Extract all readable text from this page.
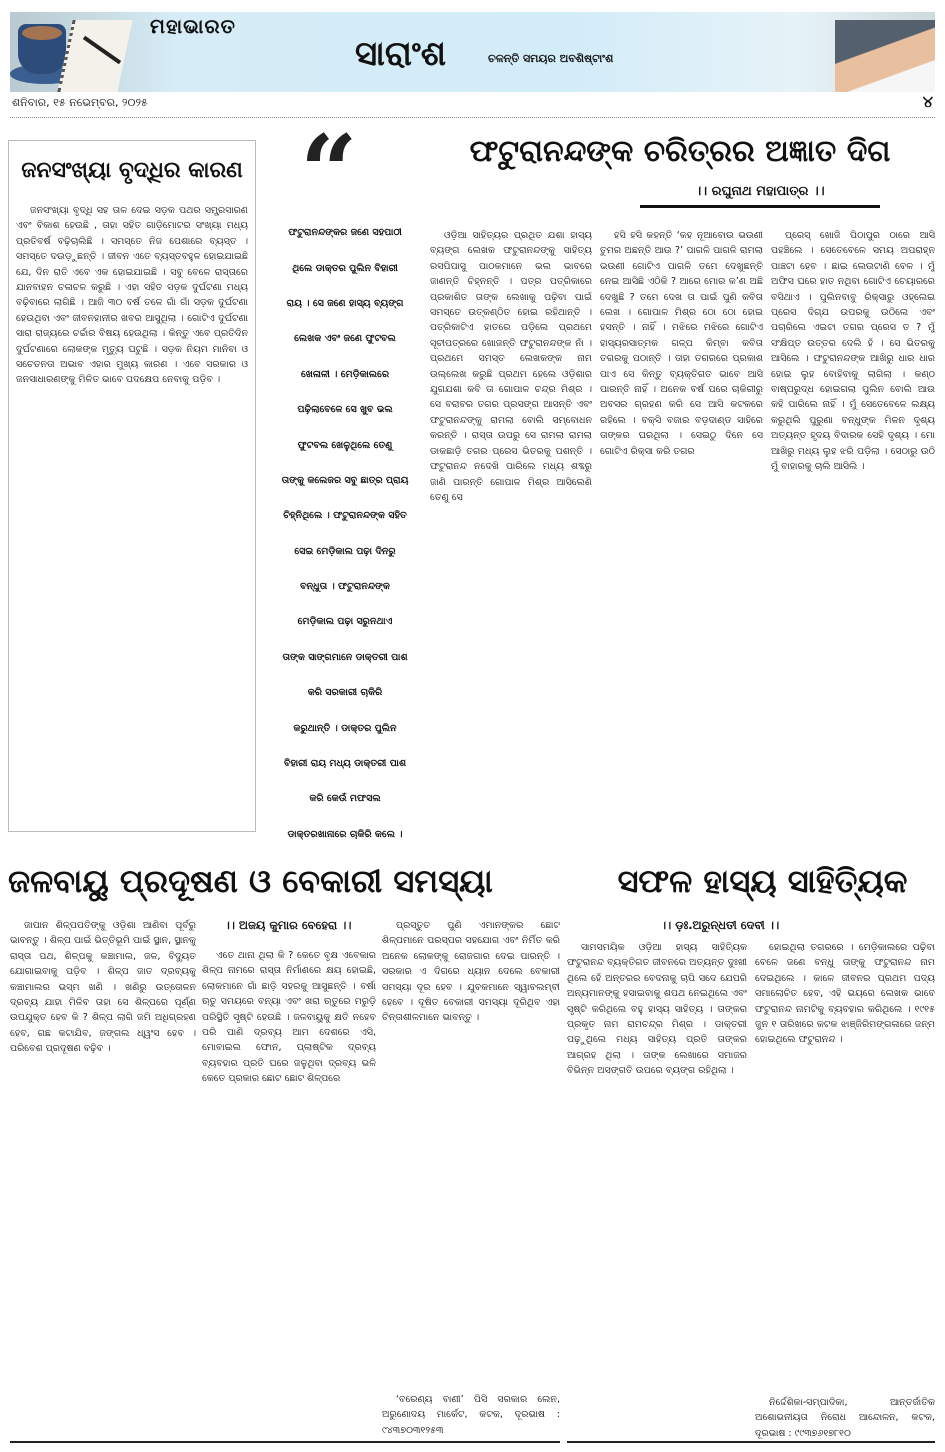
ମହାଭାରତ
ସାରାଂଶ	ଚଳନ୍ତି ସମୟର ଅବଶିଷ୍ଟାଂଶ
ଶନିବାର, ୧୫ ନଭେମ୍ବର, ୨୦୨୫	୪
ଜନସଂଖ୍ୟା ବୃଦ୍ଧିର କାରଣ

ଜନସଂଖ୍ୟା ବୃଦ୍ଧି ସହ ତାଳ ଦେଇ ସଡ଼କ ପଥର ସମ୍ପ୍ରସାରଣ ଏବଂ ବିକାଶ ହେଉଛି , ତାହା ସହିତ ଗାଡ଼ିମୋଟର ସଂଖ୍ୟା ମଧ୍ୟ ପ୍ରତିବର୍ଷ ବଢ଼ିଚାଲିଛି । ସମସ୍ତେ ନିଜ ପେଶାରେ ବ୍ୟସ୍ତ । ସମସ୍ତେ ଦଉଡ଼ୁଛନ୍ତି । ଜୀବନ ଏତେ ବ୍ୟସ୍ତବହୁଳ ହୋଇଯାଇଛି ଯେ, ଦିନ ରାତି ଏବେ ଏକ ହୋଇଯାଇଛି । ସବୁ ବେଳେ ରାସ୍ତାରେ ଯାନବାହନ ଚଳାଚଳ କରୁଛି । ଏହା ସହିତ ସଡ଼କ ଦୁର୍ଘଟଣା ମଧ୍ୟ ବଢ଼ିବାରେ ଲାଗିଛି । ଆଜି ୩୦ ବର୍ଷ ତଳେ ଗାଁ ଗାଁ ସଡ଼କ ଦୁର୍ଘଟଣା ହେଉଥିବା ଏବଂ ଜୀବନହାନୀର ଖବର ଆସୁଥିଲା । ଗୋଟିଏ ଦୁର୍ଘଟଣା ସାରା ରାଜ୍ୟରେ ଚର୍ଚ୍ଚାର ବିଷୟ ହେଉଥିଲା । କିନ୍ତୁ ଏବେ ପ୍ରତିଦିନ ଦୁର୍ଘଟଣାରେ ଲୋକଙ୍କ ମୃତ୍ୟୁ ଘଟୁଛି । ସଡ଼କ ନିୟମ ମାନିବା ଓ ସଚେତନତା ଅଭାବ ଏହାର ମୁଖ୍ୟ କାରଣ । ଏବେ ସରକାର ଓ ଜନସାଧାରଣଙ୍କୁ ମିଳିତ ଭାବେ ପଦକ୍ଷେପ ନେବାକୁ ପଡ଼ିବ ।

“
ଫଟୁରାନନ୍ଦଙ୍କର ଜଣେ ସହପାଠୀ
ଥିଲେ ଡାକ୍ତର ପୁଲିନ ବିହାରୀ
ରାୟ । ସେ ଜଣେ ହାସ୍ୟ ବ୍ୟଙ୍ଗ
ଲେଖକ ଏବଂ ଜଣେ ଫୁଟବଲ
ଖେଳାଳୀ । ମେଡ଼ିକାଲରେ
ପଢ଼ିଲାବେଳେ ସେ ଖୁବ ଭଲ
ଫୁଟବଲ ଖେଳୁଥିଲେ ତେଣୁ
ତାଙ୍କୁ କଲେଜର ସବୁ ଛାତ୍ର ପ୍ରାୟ
ଚିହ୍ନିଥିଲେ । ଫଟୁରାନନ୍ଦଙ୍କ ସହିତ
ସେଇ ମେଡ଼ିକାଲ ପଢ଼ା ଦିନରୁ
ବନ୍ଧୁତା । ଫଟୁରାନନ୍ଦଙ୍କ
ମେଡ଼ିକାଲ ପଢ଼ା ସରୁନଥାଏ
ତାଙ୍କ ସାଙ୍ଗମାନେ ଡାକ୍ତରୀ ପାଶ
କରି ସରକାରୀ ଚାକିରି
କରୁଥାନ୍ତି । ଡାକ୍ତର ପୁଲିନ
ବିହାରୀ ରାୟ ମଧ୍ୟ ଡାକ୍ତରୀ ପାଶ
କରି କେଉଁ ମଫସଲ
ଡାକ୍ତରଖାନାରେ ଚାକିରି କଲେ ।
ଫଟୁରାନନ୍ଦଙ୍କ ଚରିତ୍ରର ଅଜ୍ଞାତ ଦିଗ
।। ରଘୁନାଥ ମହାପାତ୍ର ।।

ଓଡ଼ିଆ ସାହିତ୍ୟର ପ୍ରଥିତ ଯଶା ହାସ୍ୟ ବ୍ୟଙ୍ଗ ଲେଖକ ଫଟୁରାନନ୍ଦଙ୍କୁ ସାହିତ୍ୟ ରସପିପାସୁ ପାଠକମାନେ ଭଲ ଭାବରେ ଜାଣନ୍ତି ଚିହ୍ନନ୍ତି । ପତ୍ର ପତ୍ରିକାରେ ପ୍ରକାଶିତ ତାଙ୍କ ଲେଖାକୁ ପଢ଼ିବା ପାଇଁ ସମସ୍ତେ ଉତ୍କଣ୍ଠିତ ହୋଇ ରହିଥାନ୍ତି । ପତ୍ରିକାଟିଏ ହାତରେ ପଡ଼ିଲେ ପ୍ରଥମେ ସୂଚୀପତ୍ରରେ ଖୋଜନ୍ତି ଫଟୁରାନନ୍ଦଙ୍କ ନାଁ । ପ୍ରଥମେ ସମସ୍ତ ଲେଖକଙ୍କ ନାମ ଉଲ୍ଲେଖ କରୁଛି ପ୍ରଥମ ହେଲେ ଓଡ଼ିଶାର ଯୁଗଯଶା କବି ତା ଗୋପାଳ ଚନ୍ଦ୍ର ମିଶ୍ର । ସେ ବରାବର ତଗର ପ୍ରସଙ୍ଗ ଆସନ୍ତି ଏବଂ ଫଟୁରାନନ୍ଦଙ୍କୁ ରାମଲା ବୋଲି ସମ୍ବୋଧନ କରନ୍ତି । ରାସ୍ତା ଉପରୁ ସେ ରାମଲା ରାମଲା ଡାକଛାଡ଼ି ତଗର ପ୍ରେସ ଭିତରକୁ ପଶନ୍ତି । ଫଟୁରାନନ୍ଦ ନଦେଖି ପାରିଲେ ମଧ୍ୟ ଶବ୍ଦରୁ ଜାଣି ପାରନ୍ତି ଗୋପାଳ ମିଶ୍ର ଆସିଲେଣି ତେଣୁ ସେ

ହସି ହସି କହନ୍ତି ‘କହ ନୂଆବୋଉ ଭଉଣୀ ତୁମର ଅଛନ୍ତି ଆଉ ?’ ପାଗଳି ପାଗଳି ରାମଲା ଭଉଣୀ ଗୋଟିଏ ପାଗଳି ତମେ ଦେଖୁଛନ୍ତି ନେଇ ଆସିଛି ଏଠିକି ? ଆରେ ମୋର କ’ଣ ଅଛି ଦେଖୁଛି ? ତମେ ଦେଖ ତା ପାଇଁ ପୁଣି କବିତା ଲେଖ । ଗୋପାଳ ମିଶ୍ର ଠୋ ଠୋ ହୋଇ ହସନ୍ତି । ନାହିଁ । ମଝିରେ ମଝିରେ ଗୋଟିଏ ହାସ୍ୟରସାତ୍ମକ ଗଳ୍ପ କିମ୍ବା କବିତା ତଗରକୁ ପଠାନ୍ତି । ତାହା ତଗରରେ ପ୍ରକାଶ ପାଏ ସେ କିନ୍ତୁ ବ୍ୟକ୍ତିଗତ ଭାବେ ଆସି ପାରନ୍ତି ନାହିଁ । ଅନେକ ବର୍ଷ ପରେ ଚାକିରୀରୁ ଅବସର ଗ୍ରହଣ କରି ସେ ଆସି କଟକରେ ରହିଲେ । ବକ୍ସି ବଜାର ବଡ଼ଦାଣ୍ଡ ସାହିରେ ତାଙ୍କର ଘରଥିଲା । ସେଇଠୁ ଦିନେ ସେ ଗୋଟିଏ ରିକ୍ସା କରି ତଗର

ପ୍ରେସ୍ ଖୋଜି ପିଠାପୁର ଠାରେ ଆସି ପହଞ୍ଚିଲେ । ସେତେବେଳେ ସମୟ ଅପରାହ୍ନ ପାଞ୍ଚଟା ହେବ । ଛାଇ ଲେଉଟାଣି ବେଳ । ମୁଁ ଅଫିସ ଘରେ ହାତ ନଥିବା ଗୋଟିଏ ଚେୟାରରେ ବସିଥାଏ । ପୁଲିନବାବୁ ରିକ୍ସାରୁ ଓହ୍ଲେଇ ପ୍ରେସ ଦିଗ୍ଯ ଉପରକୁ ଉଠିଲେ ଏବଂ ପଚାରିଲେ ଏଇଟା ତଗର ପ୍ରେସ ତ ? ମୁଁ ସଂକ୍ଷିପ୍ତ ଉତ୍ତର ଦେଲି ହଁ । ସେ ଭିତରକୁ ଆସିଲେ । ଫଟୁରାନନ୍ଦଙ୍କ ଆଖିରୁ ଧାର ଧାର ହୋଇ ଲୁହ ବୋହିବାକୁ ଲାଗିଲା । କଣ୍ଠ ବାଷ୍ପରୁଦ୍ଧ ହୋଇଗଲା ପୁଲିନ ବୋଲି ଆଉ କହି ପାରିଲେ ନାହିଁ । ମୁଁ ସେତେବେଳେ ଲକ୍ଷ୍ୟ କରୁଥିଲି ପୁରୁଣା ବନ୍ଧୁଙ୍କ ମିଳନ ଦୃଶ୍ୟ ଅତ୍ୟନ୍ତ ହୃଦୟ ବିଦାରକ ସେହି ଦୃଶ୍ୟ । ମୋ ଆଖିରୁ ମଧ୍ୟ ଲୁହ ଝରି ପଡ଼ିଲା । ସେଠାରୁ ଉଠି ମୁଁ ବାହାରକୁ ଚାଲି ଆସିଲି ।

ଜଳବାୟୁ ପ୍ରଦୂଷଣ ଓ ବେକାରୀ ସମସ୍ୟା
।। ଅଜୟ କୁମାର ବେହେରା ।।

ଜାପାନ ଶିଳ୍ପପତିଙ୍କୁ ଓଡ଼ିଶା ଆଣିବା ପୂର୍ବରୁ ଭାବନ୍ତୁ । ଶିଳ୍ପ ପାଇଁ ଭିତ୍ତିଭୂମି ପାଇଁ ସ୍ଥାନ, ସ୍ଥାନକୁ ରାସ୍ତା ପଥ, ଶିଳ୍ପକୁ କଞ୍ଚାମାଲ, ଜଳ, ବିଦ୍ୟୁତ ଯୋଗାଇବାକୁ ପଡ଼ିବ । ଶିଳ୍ପ ଜାତ ଦ୍ରବ୍ୟକୁ କଞ୍ଚାମାଲର ଭସ୍ମ ଖଣି । ଖଣିରୁ ଉତ୍ତୋଳନ ଦ୍ରବ୍ୟ ଯାହା ମିଳିବ ତାହା ସେ ଶିଳ୍ପରେ ପୂର୍ଣ୍ଣ ଉପଯୁକ୍ତ ହେବ କି ? ଶିଳ୍ପ ଲାଗି ଜମି ଅଧିଗ୍ରହଣ ହେବ, ଗଛ କଟାଯିବ, ଜଙ୍ଗଲ ଧ୍ୱଂସ ହେବ । ପରିବେଶ ପ୍ରଦୂଷଣ ବଢ଼ିବ ।

ଏତେ ଥାନା ଥିଲା କି ? କେତେ ବୃକ୍ଷ ଏବେକାର ଶିଳ୍ପ ନାମରେ ରାସ୍ତା ନିର୍ମାଣରେ କ୍ଷୟ ହୋଇଛି, ଲୋକମାନେ ଗାଁ ଛାଡ଼ି ସହରକୁ ଆସୁଛନ୍ତି । ବର୍ଷା ଋତୁ ସମୟରେ ବନ୍ୟା ଏବଂ ଖରା ଋତୁରେ ମରୁଡ଼ି ପରିସ୍ଥିତି ସୃଷ୍ଟି ହେଉଛି । ଜଳବାୟୁକୁ କ୍ଷତି ନହେବ ପରି ପାଣି ଦ୍ରବ୍ୟ ଆମ ଦେଶରେ ଏସି, ମୋବାଇଲ ଫୋନ, ପ୍ଲାଷ୍ଟିକ ଦ୍ରବ୍ୟ ବ୍ୟବହାର ପ୍ରତି ଘରେ ଜଳୁଥିବା ଦ୍ରବ୍ୟ ଭଳି କେତେ ପ୍ରକାର ଛୋଟ ଛୋଟ ଶିଳ୍ପରେ

ପ୍ରସ୍ତୁତ ପୁଣି ଏମାନଙ୍କର ଛୋଟ ଶିଳ୍ପମାନେ ପରସ୍ପର ସହଯୋଗ ଏବଂ ନିର୍ମିତ କରି ଅନେକ ଲୋକଙ୍କୁ ରୋଜଗାର ଦେଇ ପାରନ୍ତି । ସରକାର ଏ ଦିଗରେ ଧ୍ୟାନ ଦେଲେ ବେକାରୀ ସମସ୍ୟା ଦୂର ହେବ । ଯୁବକମାନେ ସ୍ୱାବଲମ୍ବୀ ହେବେ । ଦୂଷିତ ବେକାରୀ ସମସ୍ୟା ଦୂରିଥିବ ଏହା ଚିନ୍ତାଶୀଳମାନେ ଭାବନ୍ତୁ ।

‘ବରେଣ୍ୟ ବାଣୀ’ ପିସି ସରକାର ଲେନ, ଅରୁଣୋଦୟ ମାର୍କେଟ, କଟକ, ଦୂରଭାଷ : ୯୪୩୭୦୩୧୨୫୩

ସଫଳ ହାସ୍ୟ ସାହିତ୍ୟିକ
।। ଡ଼ଃ.ଅରୁନ୍ଧତୀ ଦେବୀ ।।

ସାମସମୟିକ ଓଡ଼ିଆ ହାସ୍ୟ ସାହିତ୍ୟିକ ଫଟୁରାନନ୍ଦ ବ୍ୟକ୍ତିଗତ ଜୀବନରେ ଅତ୍ୟନ୍ତ ଦୁଃଖୀ ଥିଲେ ହେଁ ଅନ୍ତରର ବେଦନାକୁ ଚାପି ସଦେ ଯେପରି ଅନ୍ୟମାନଙ୍କୁ ହସାଇବାକୁ ଶପଥ ନେଇଥିଲେ ଏବଂ ସୃଷ୍ଟି କରିଥିଲେ ବହୁ ହାସ୍ୟ ସାହିତ୍ୟ । ତାଙ୍କର ପ୍ରକୃତ ନାମ ରାମଚନ୍ଦ୍ର ମିଶ୍ର । ଡାକ୍ତରୀ ପଢ଼ୁଥିଲେ ମଧ୍ୟ ସାହିତ୍ୟ ପ୍ରତି ତାଙ୍କର ଆଗ୍ରହ ଥିଲା । ତାଙ୍କ ଲେଖାରେ ସମାଜର ବିଭିନ୍ନ ଅସଙ୍ଗତି ଉପରେ ବ୍ୟଙ୍ଗ ରହିଥିଲା ।

ହୋଇଥିଲା ତଗରରେ । ମେଡ଼ିକାଲରେ ପଢ଼ିବା ବେଳେ ଜଣେ ବନ୍ଧୁ ତାଙ୍କୁ ଫଟୁରାନନ୍ଦ ନାମ ଦେଇଥିଲେ । କାଳେ ଜୀବନର ପ୍ରଥମ ପଦ୍ୟ ସମାଲୋଚିତ ହେବ, ଏହି ଭୟରେ ଲେଖକ ଭାବେ ଫଟୁରାନନ୍ଦ ନାମଟିକୁ ବ୍ୟବହାର କରିଥିଲେ । ୧୯୧୫ ଜୁନ ୧ ତାରିଖରେ କଟକ ଝାଞ୍ଜିରିମଙ୍ଗଳାରେ ଜନ୍ମ ହୋଇଥିଲେ ଫଟୁରାନନ୍ଦ ।

ନିର୍ଦ୍ଦେଶିକା-ସମ୍ପାଦିକା, ଆନ୍ତର୍ଜାତିକ ଅଶୋଭନୀୟତା ନିରୋଧ ଆନ୍ଦୋଳନ, କଟକ, ଦୂରଭାଷ : ୯୯୩୭୬୧୭୮୧୦
